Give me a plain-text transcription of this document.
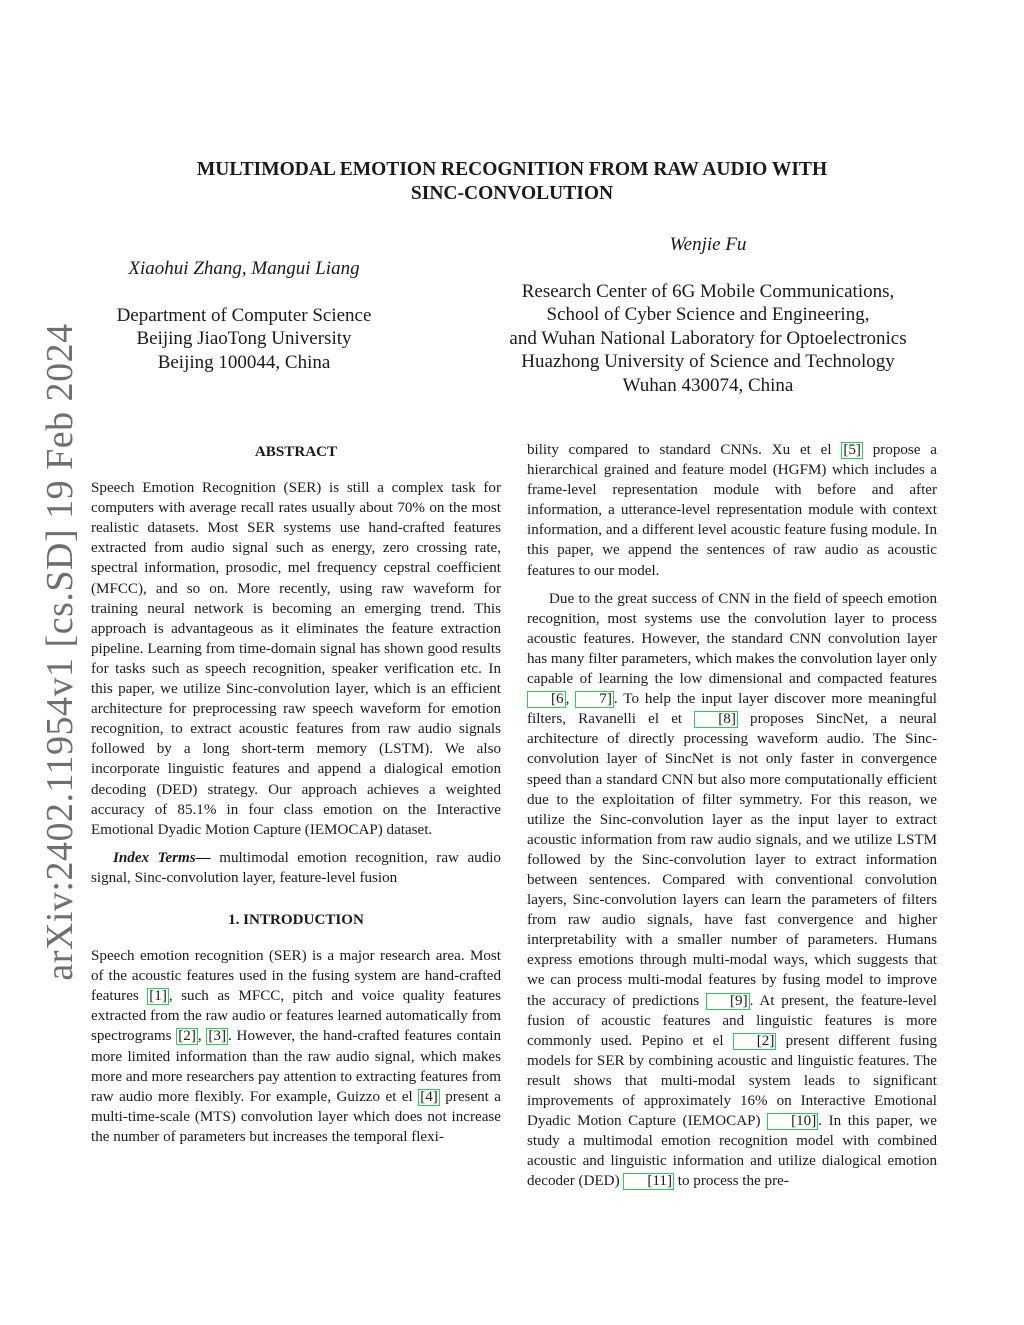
arXiv:2402.11954v1 [cs.SD] 19 Feb 2024
MULTIMODAL EMOTION RECOGNITION FROM RAW AUDIO WITH
SINC-CONVOLUTION
Xiaohui Zhang, Mangui Liang
Department of Computer Science
Beijing JiaoTong University
Beijing 100044, China
Wenjie Fu
Research Center of 6G Mobile Communications,
School of Cyber Science and Engineering,
and Wuhan National Laboratory for Optoelectronics
Huazhong University of Science and Technology
Wuhan 430074, China
ABSTRACT

Speech Emotion Recognition (SER) is still a complex task for computers with average recall rates usually about 70% on the most realistic datasets. Most SER systems use hand-crafted features extracted from audio signal such as energy, zero crossing rate, spectral information, prosodic, mel frequency cepstral coefficient (MFCC), and so on. More recently, using raw waveform for training neural network is becoming an emerging trend. This approach is advantageous as it eliminates the feature extraction pipeline. Learning from time-domain signal has shown good results for tasks such as speech recognition, speaker verification etc. In this paper, we utilize Sinc-convolution layer, which is an efficient architecture for preprocessing raw speech waveform for emotion recognition, to extract acoustic features from raw audio signals followed by a long short-term memory (LSTM). We also incorporate linguistic features and append a dialogical emotion decoding (DED) strategy. Our approach achieves a weighted accuracy of 85.1% in four class emotion on the Interactive Emotional Dyadic Motion Capture (IEMOCAP) dataset.

Index Terms— multimodal emotion recognition, raw audio signal, Sinc-convolution layer, feature-level fusion

1. INTRODUCTION

Speech emotion recognition (SER) is a major research area. Most of the acoustic features used in the fusing system are hand-crafted features [1] , such as MFCC, pitch and voice quality features extracted from the raw audio or features learned automatically from spectrograms [2] , [3] . However, the hand-crafted features contain more limited information than the raw audio signal, which makes more and more researchers pay attention to extracting features from raw audio more flexibly. For example, Guizzo et el [4] present a multi-time-scale (MTS) convolution layer which does not increase the number of parameters but increases the temporal flexi-

bility compared to standard CNNs. Xu et el [5] propose a hierarchical grained and feature model (HGFM) which includes a frame-level representation module with before and after information, a utterance-level representation module with context information, and a different level acoustic feature fusing module. In this paper, we append the sentences of raw audio as acoustic features to our model.

Due to the great success of CNN in the field of speech emotion recognition, most systems use the convolution layer to process acoustic features. However, the standard CNN convolution layer has many filter parameters, which makes the convolution layer only capable of learning the low dimensional and compacted features [6 , 7] . To help the input layer discover more meaningful filters, Ravanelli el et [8] proposes SincNet, a neural architecture of directly processing waveform audio. The Sinc-convolution layer of SincNet is not only faster in convergence speed than a standard CNN but also more computationally efficient due to the exploitation of filter symmetry. For this reason, we utilize the Sinc-convolution layer as the input layer to extract acoustic information from raw audio signals, and we utilize LSTM followed by the Sinc-convolution layer to extract information between sentences. Compared with conventional convolution layers, Sinc-convolution layers can learn the parameters of filters from raw audio signals, have fast convergence and higher interpretability with a smaller number of parameters. Humans express emotions through multi-modal ways, which suggests that we can process multi-modal features by fusing model to improve the accuracy of predictions [9] . At present, the feature-level fusion of acoustic features and linguistic features is more commonly used. Pepino et el [2] present different fusing models for SER by combining acoustic and linguistic features. The result shows that multi-modal system leads to significant improvements of approximately 16% on Interactive Emotional Dyadic Motion Capture (IEMOCAP) [10] . In this paper, we study a multimodal emotion recognition model with combined acoustic and linguistic information and utilize dialogical emotion decoder (DED) [11] to process the pre-
